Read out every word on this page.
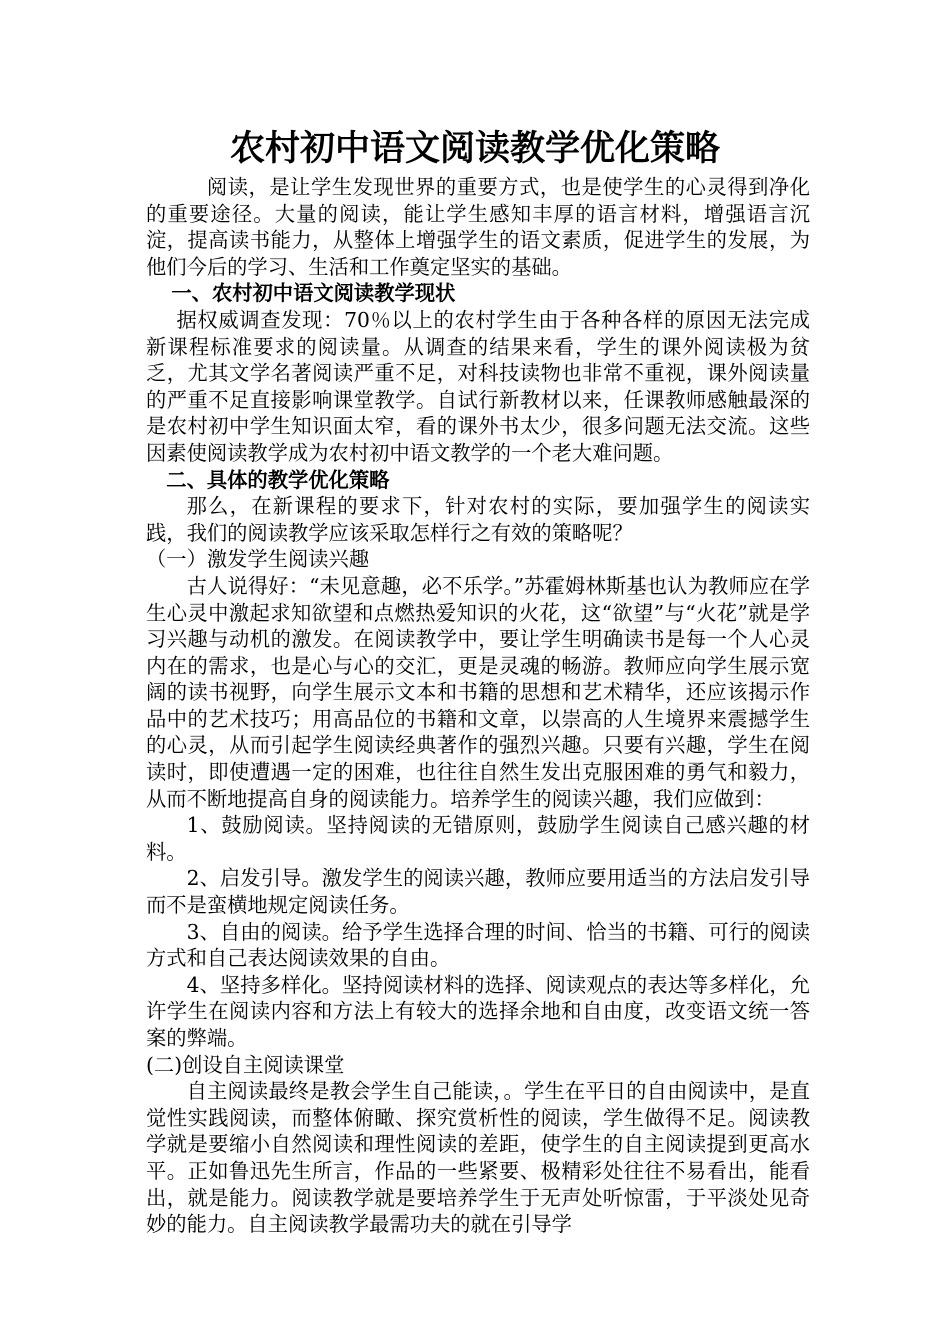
农村初中语文阅读教学优化策略

阅读，是让学生发现世界的重要方式，也是使学生的心灵得到净化的重要途径。大量的阅读，能让学生感知丰厚的语言材料，增强语言沉淀，提高读书能力，从整体上增强学生的语文素质，促进学生的发展，为他们今后的学习、生活和工作奠定坚实的基础。

一、农村初中语文阅读教学现状

据权威调查发现：70％以上的农村学生由于各种各样的原因无法完成新课程标准要求的阅读量。从调查的结果来看，学生的课外阅读极为贫乏，尤其文学名著阅读严重不足，对科技读物也非常不重视，课外阅读量的严重不足直接影响课堂教学。自试行新教材以来，任课教师感触最深的是农村初中学生知识面太窄，看的课外书太少，很多问题无法交流。这些因素使阅读教学成为农村初中语文教学的一个老大难问题。

二、具体的教学优化策略

那么，在新课程的要求下，针对农村的实际，要加强学生的阅读实践，我们的阅读教学应该采取怎样行之有效的策略呢？

（一）激发学生阅读兴趣

古人说得好：“未见意趣，必不乐学。”苏霍姆林斯基也认为教师应在学生心灵中激起求知欲望和点燃热爱知识的火花，这“欲望”与“火花”就是学习兴趣与动机的激发。在阅读教学中，要让学生明确读书是每一个人心灵内在的需求，也是心与心的交汇，更是灵魂的畅游。教师应向学生展示宽阔的读书视野，向学生展示文本和书籍的思想和艺术精华，还应该揭示作品中的艺术技巧；用高品位的书籍和文章，以崇高的人生境界来震撼学生的心灵，从而引起学生阅读经典著作的强烈兴趣。只要有兴趣，学生在阅读时，即使遭遇一定的困难，也往往自然生发出克服困难的勇气和毅力，从而不断地提高自身的阅读能力。培养学生的阅读兴趣，我们应做到：

1、鼓励阅读。坚持阅读的无错原则，鼓励学生阅读自己感兴趣的材料。

2、启发引导。激发学生的阅读兴趣，教师应要用适当的方法启发引导而不是蛮横地规定阅读任务。

3、自由的阅读。给予学生选择合理的时间、恰当的书籍、可行的阅读方式和自己表达阅读效果的自由。

4、坚持多样化。坚持阅读材料的选择、阅读观点的表达等多样化，允许学生在阅读内容和方法上有较大的选择余地和自由度，改变语文统一答案的弊端。

(二)创设自主阅读课堂

自主阅读最终是教会学生自己能读，。学生在平日的自由阅读中，是直觉性实践阅读，而整体俯瞰、探究赏析性的阅读，学生做得不足。阅读教学就是要缩小自然阅读和理性阅读的差距，使学生的自主阅读提到更高水平。正如鲁迅先生所言，作品的一些紧要、极精彩处往往不易看出，能看出，就是能力。阅读教学就是要培养学生于无声处听惊雷，于平淡处见奇妙的能力。自主阅读教学最需功夫的就在引导学
